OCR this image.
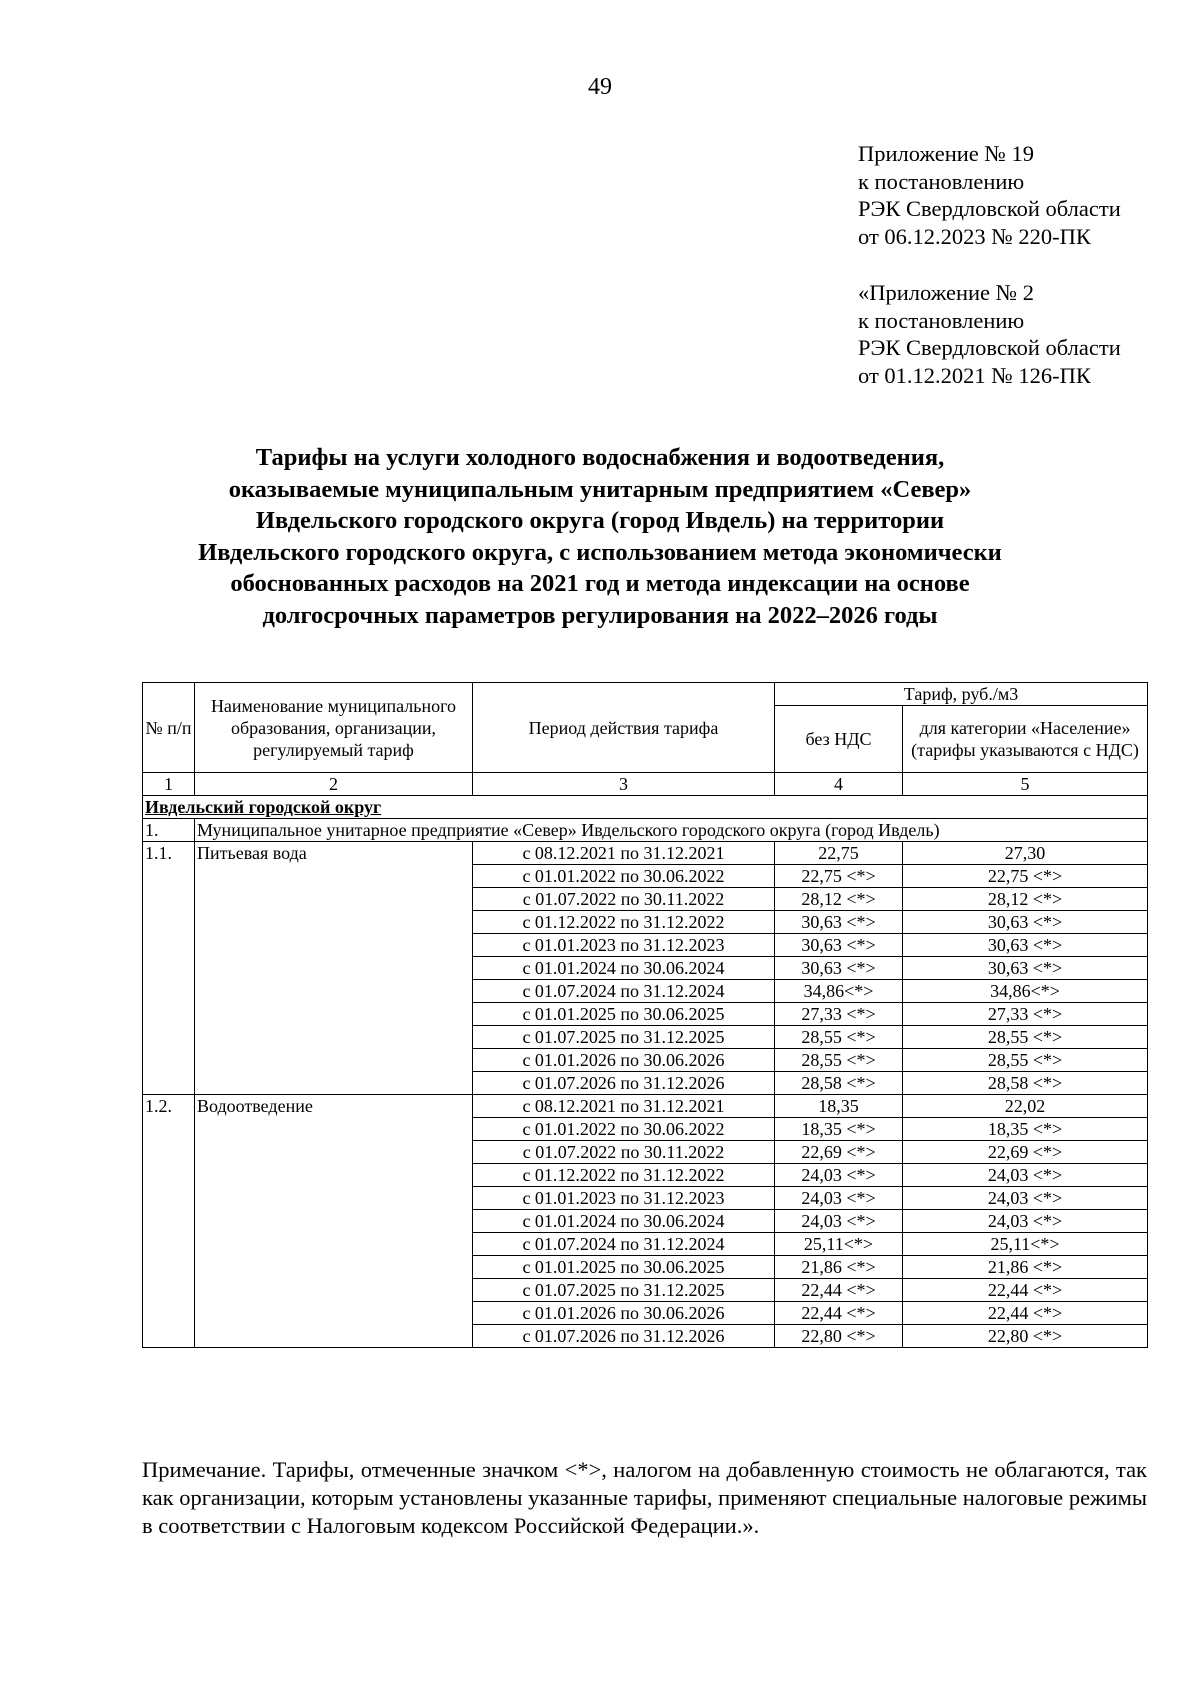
49
Приложение № 19
к постановлению
РЭК Свердловской области
от 06.12.2023 № 220-ПК
«Приложение № 2
к постановлению
РЭК Свердловской области
от 01.12.2021 № 126-ПК
Тарифы на услуги холодного водоснабжения и водоотведения,
оказываемые муниципальным унитарным предприятием «Север»
Ивдельского городского округа (город Ивдель) на территории
Ивдельского городского округа, с использованием метода экономически
обоснованных расходов на 2021 год и метода индексации на основе
долгосрочных параметров регулирования на 2022–2026 годы
№ п/п	Наименование муниципального образования, организации, регулируемый тариф	Период действия тарифа	Тариф, руб./м3	
			без НДС	для категории «Население» (тарифы указываются с НДС)
1	2	3	4	5
Ивдельский городской округ				
1.	Муниципальное унитарное предприятие «Север» Ивдельского городского округа (город Ивдель)			
1.1.	Питьевая вода	с 08.12.2021 по 31.12.2021	22,75	27,30
		с 01.01.2022 по 30.06.2022	22,75 <*>	22,75 <*>
		с 01.07.2022 по 30.11.2022	28,12 <*>	28,12 <*>
		с 01.12.2022 по 31.12.2022	30,63 <*>	30,63 <*>
		с 01.01.2023 по 31.12.2023	30,63 <*>	30,63 <*>
		с 01.01.2024 по 30.06.2024	30,63 <*>	30,63 <*>
		с 01.07.2024 по 31.12.2024	34,86<*>	34,86<*>
		с 01.01.2025 по 30.06.2025	27,33 <*>	27,33 <*>
		с 01.07.2025 по 31.12.2025	28,55 <*>	28,55 <*>
		с 01.01.2026 по 30.06.2026	28,55 <*>	28,55 <*>
		с 01.07.2026 по 31.12.2026	28,58 <*>	28,58 <*>
1.2.	Водоотведение	с 08.12.2021 по 31.12.2021	18,35	22,02
		с 01.01.2022 по 30.06.2022	18,35 <*>	18,35 <*>
		с 01.07.2022 по 30.11.2022	22,69 <*>	22,69 <*>
		с 01.12.2022 по 31.12.2022	24,03 <*>	24,03 <*>
		с 01.01.2023 по 31.12.2023	24,03 <*>	24,03 <*>
		с 01.01.2024 по 30.06.2024	24,03 <*>	24,03 <*>
		с 01.07.2024 по 31.12.2024	25,11<*>	25,11<*>
		с 01.01.2025 по 30.06.2025	21,86 <*>	21,86 <*>
		с 01.07.2025 по 31.12.2025	22,44 <*>	22,44 <*>
		с 01.01.2026 по 30.06.2026	22,44 <*>	22,44 <*>
		с 01.07.2026 по 31.12.2026	22,80 <*>	22,80 <*>
Примечание. Тарифы, отмеченные значком <*>, налогом на добавленную стоимость не облагаются, так как организации, которым установлены указанные тарифы, применяют специальные налоговые режимы в соответствии с Налоговым кодексом Российской Федерации.».
